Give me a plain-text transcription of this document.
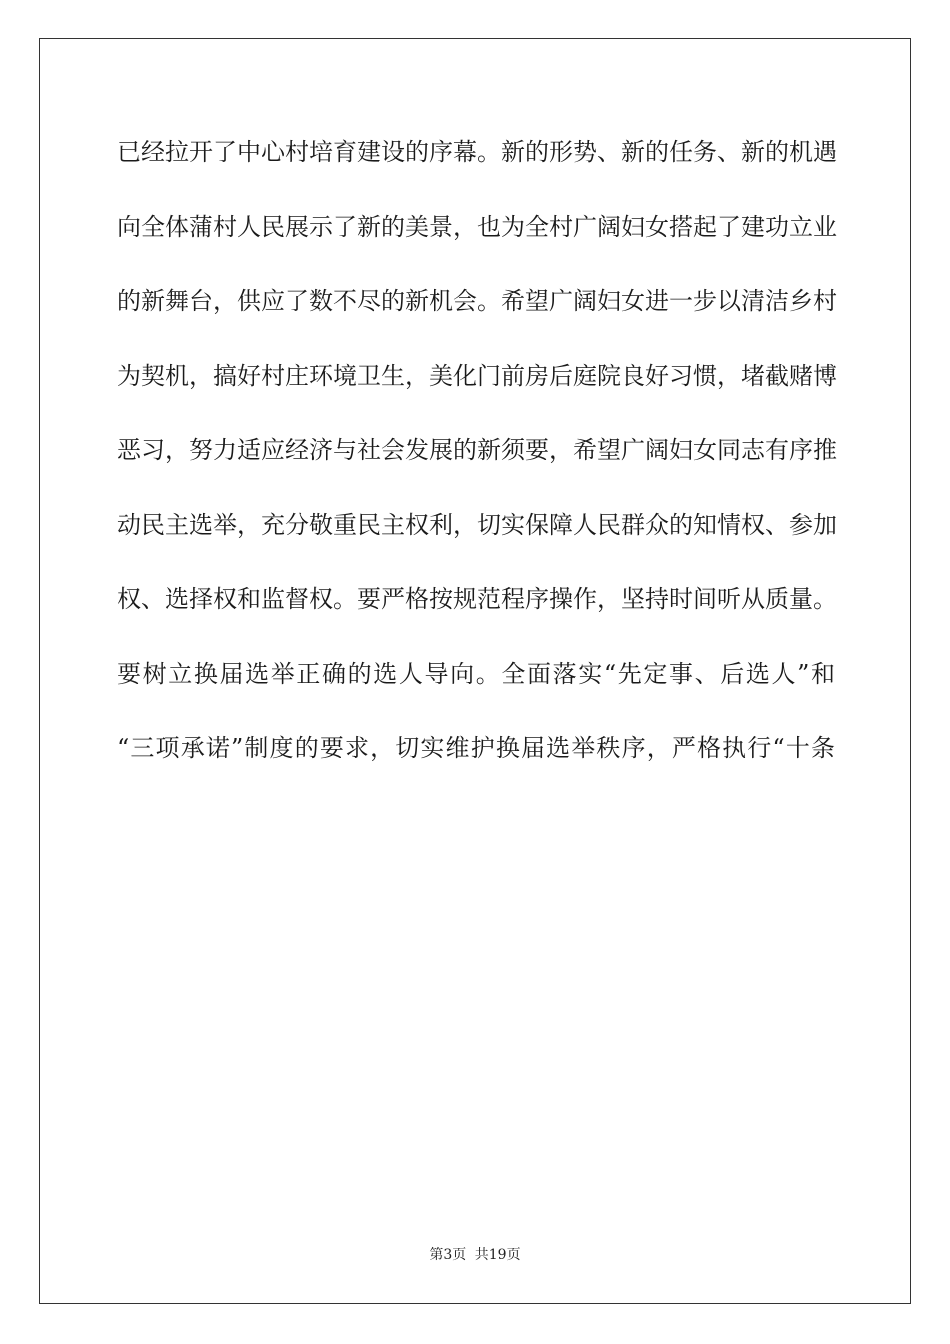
已经拉开了中心村培育建设的序幕。新的形势、新的任务、新的机遇
向全体蒲村人民展示了新的美景，也为全村广阔妇女搭起了建功立业
的新舞台，供应了数不尽的新机会。希望广阔妇女进一步以清洁乡村
为契机，搞好村庄环境卫生，美化门前房后庭院良好习惯，堵截赌博
恶习，努力适应经济与社会发展的新须要，希望广阔妇女同志有序推
动民主选举，充分敬重民主权利，切实保障人民群众的知情权、参加
权、选择权和监督权。要严格按规范程序操作，坚持时间听从质量。
要树立换届选举正确的选人导向。全面落实“先定事、后选人”和
“三项承诺”制度的要求，切实维护换届选举秩序，严格执行“十条
第3页 共19页
